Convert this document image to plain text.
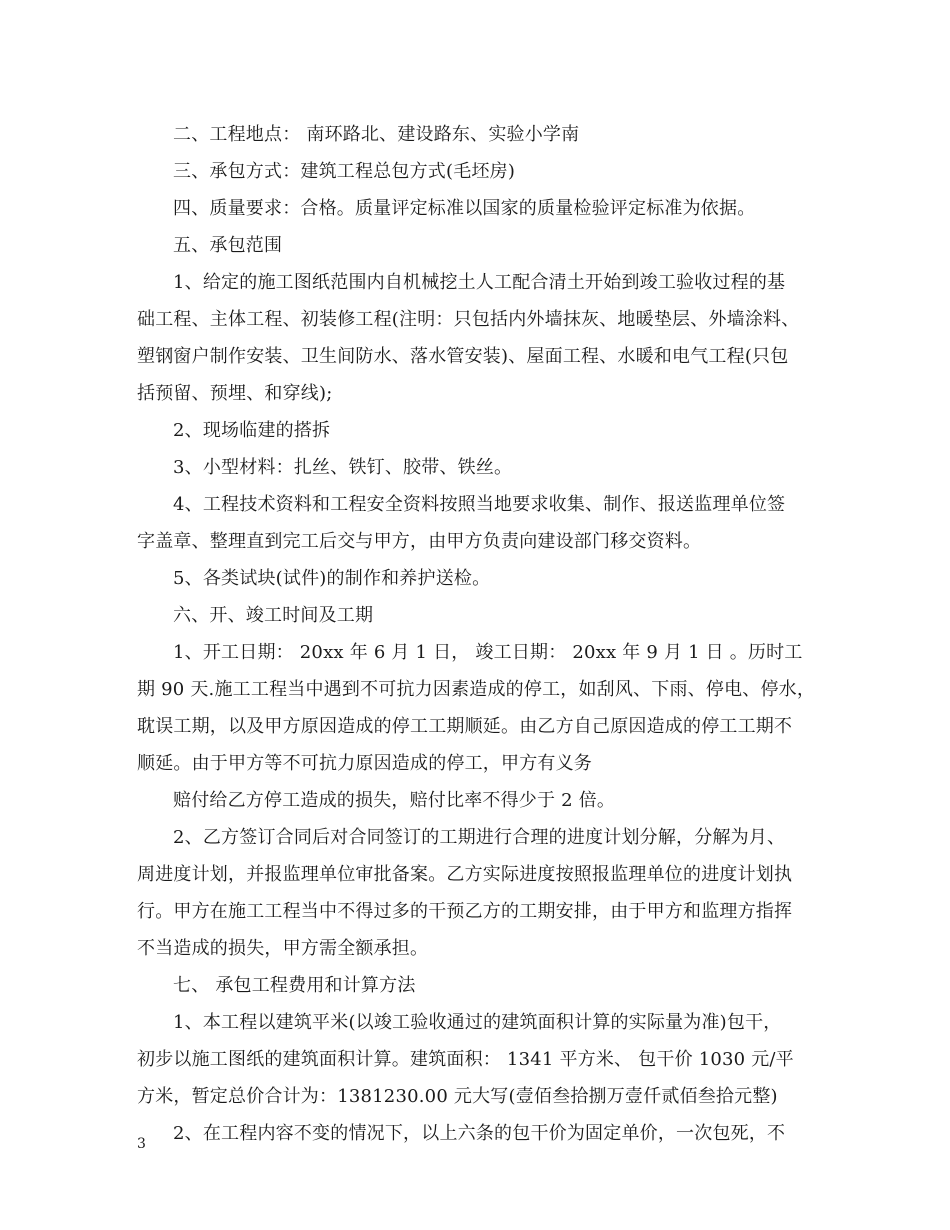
二、工程地点： 南环路北、建设路东、实验小学南
三、承包方式：建筑工程总包方式(毛坯房)
四、质量要求：合格。质量评定标准以国家的质量检验评定标准为依据。
五、承包范围
1、给定的施工图纸范围内自机械挖土人工配合清土开始到竣工验收过程的基
础工程、主体工程、初装修工程(注明：只包括内外墙抹灰、地暖垫层、外墙涂料、
塑钢窗户制作安装、卫生间防水、落水管安装)、屋面工程、水暖和电气工程(只包
括预留、预埋、和穿线);
2、现场临建的搭拆
3、小型材料：扎丝、铁钉、胶带、铁丝。
4、工程技术资料和工程安全资料按照当地要求收集、制作、报送监理单位签
字盖章、整理直到完工后交与甲方，由甲方负责向建设部门移交资料。
5、各类试块(试件)的制作和养护送检。
六、开、竣工时间及工期
1、开工日期： 20xx 年 6 月 1 日， 竣工日期： 20xx 年 9 月 1 日 。历时工
期 90 天.施工工程当中遇到不可抗力因素造成的停工，如刮风、下雨、停电、停水，
耽误工期，以及甲方原因造成的停工工期顺延。由乙方自己原因造成的停工工期不
顺延。由于甲方等不可抗力原因造成的停工，甲方有义务
赔付给乙方停工造成的损失，赔付比率不得少于 2 倍。
2、乙方签订合同后对合同签订的工期进行合理的进度计划分解，分解为月、
周进度计划，并报监理单位审批备案。乙方实际进度按照报监理单位的进度计划执
行。甲方在施工工程当中不得过多的干预乙方的工期安排，由于甲方和监理方指挥
不当造成的损失，甲方需全额承担。
七、 承包工程费用和计算方法
1、本工程以建筑平米(以竣工验收通过的建筑面积计算的实际量为准)包干，
初步以施工图纸的建筑面积计算。建筑面积： 1341 平方米、 包干价 1030 元/平
方米，暂定总价合计为：1381230.00 元大写(壹佰叁拾捌万壹仟贰佰叁拾元整)
2、在工程内容不变的情况下，以上六条的包干价为固定单价，一次包死，不
3
